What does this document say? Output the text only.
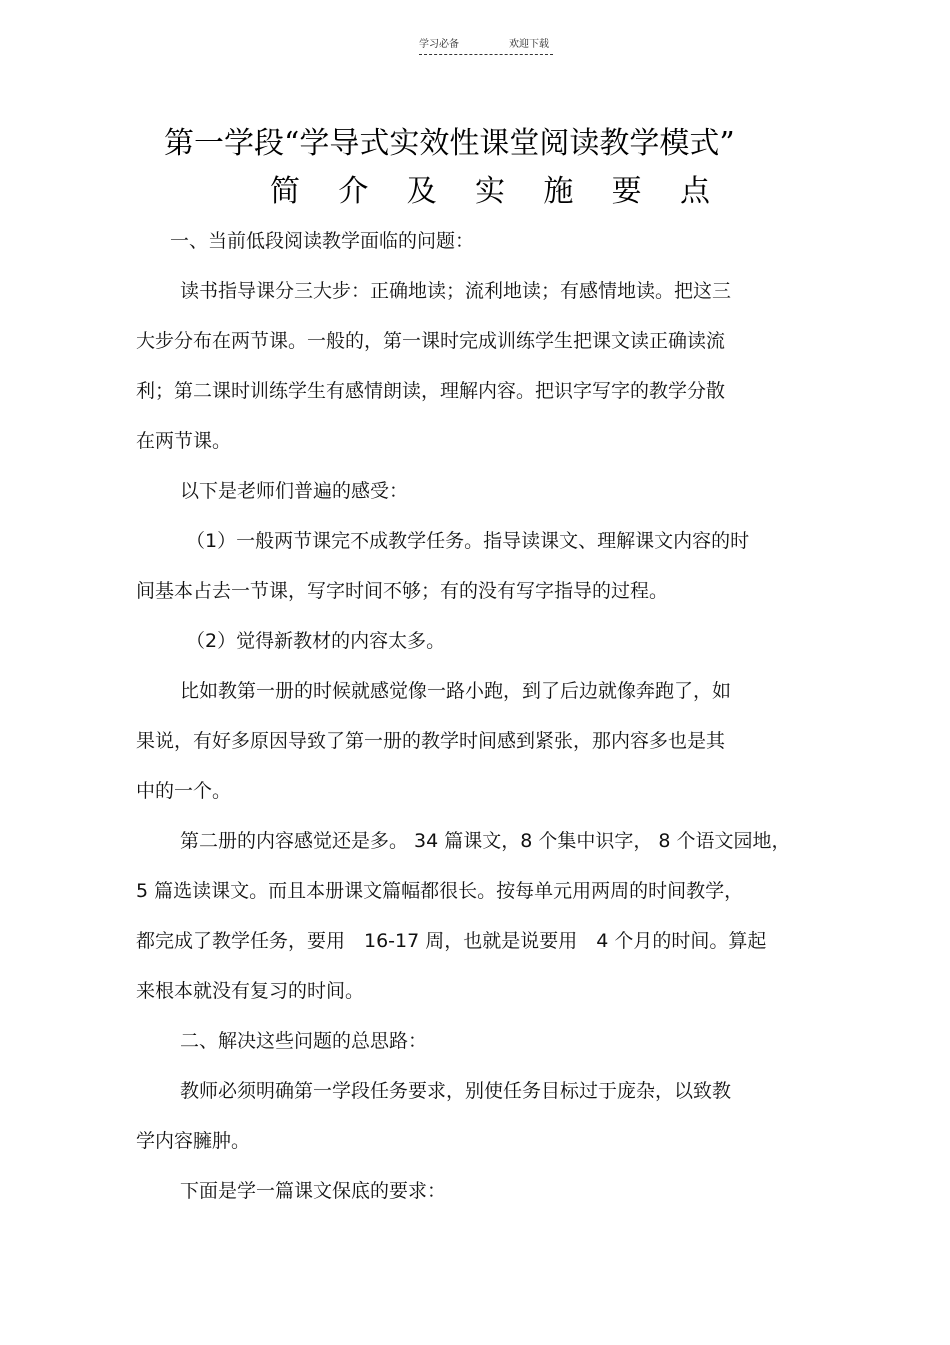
学习必备	欢迎下载
第一学段“学导式实效性课堂阅读教学模式”
简 介 及 实 施 要 点
一、当前低段阅读教学面临的问题：
读书指导课分三大步：正确地读；流利地读；有感情地读。把这三
大步分布在两节课。一般的，第一课时完成训练学生把课文读正确读流
利；第二课时训练学生有感情朗读，理解内容。把识字写字的教学分散
在两节课。
以下是老师们普遍的感受：
（1）一般两节课完不成教学任务。指导读课文、理解课文内容的时
间基本占去一节课，写字时间不够；有的没有写字指导的过程。
（2）觉得新教材的内容太多。
比如教第一册的时候就感觉像一路小跑，到了后边就像奔跑了，如
果说，有好多原因导致了第一册的教学时间感到紧张，那内容多也是其
中的一个。
第二册的内容感觉还是多。 34 篇课文，8 个集中识字， 8 个语文园地，
5 篇选读课文。而且本册课文篇幅都很长。按每单元用两周的时间教学，
都完成了教学任务，要用　16-17 周，也就是说要用　4 个月的时间。算起
来根本就没有复习的时间。
二、解决这些问题的总思路：
教师必须明确第一学段任务要求，别使任务目标过于庞杂，以致教
学内容臃肿。
下面是学一篇课文保底的要求：
